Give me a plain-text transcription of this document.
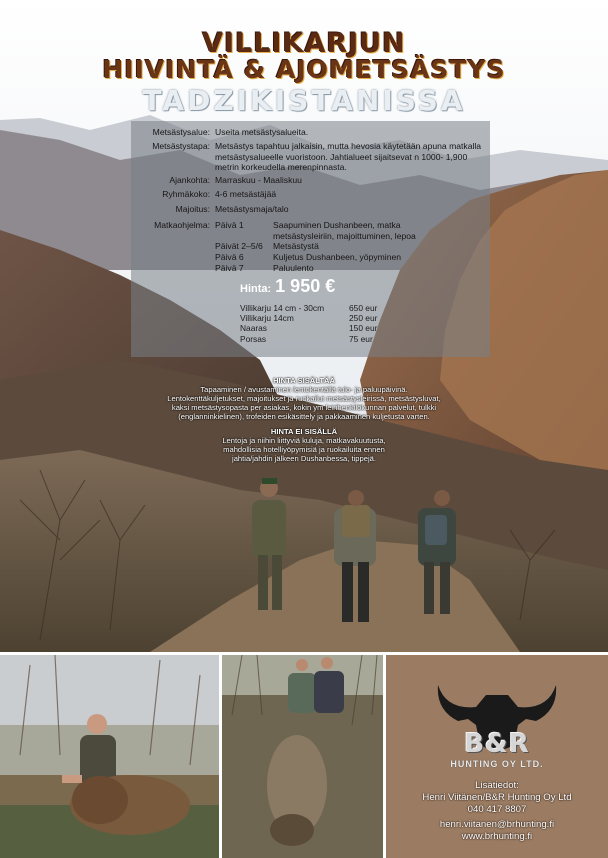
VILLIKARJUN
HIIVINTÄ & AJOMETSÄSTYS
TADZIKISTANISSA
Metsästysalue: Useita metsästysalueita.
Metsästystapa: Metsästys tapahtuu jalkaisin, mutta hevosia käytetään apuna matkalla metsästysalueelle vuoristoon. Jahtialueet sijaitsevat n 1000- 1,900 metrin korkeudella merenpinnasta.
Ajankohta: Marraskuu - Maaliskuu
Ryhmäkoko: 4-6 metsästäjää
Majoitus: Metsästysmaja/talo
Matkaohjelma: Päivä 1	Saapuminen Dushanbeen, matka metsästysleiriin, majoittuminen, lepoa
Päivät 2–5/6	Metsästystä
Päivä 6	Kuljetus Dushanbeen, yöpyminen
Päivä 7	Paluulento
Hinta: 1 950 €
Villikarju 14 cm - 30cm	650 eur
Villikarju 14cm	250 eur
Naaras	150 eur
Porsas	75 eur
HINTA SISÄLTÄÄ
Tapaaminen / avustaminen lentokentällä tulo- ja paluupäivinä.
Lentokenttäkuljetukset, majoitukset ja ruokailut metsästysleirissä, metsästysluvat,
kaksi metsästysopasta per asiakas, kokin ym leirihenkilökunnan palvelut, tulkki
(englanninkielinen), trofeiden esikäsittely ja pakkaaminen kuljetusta varten.
HINTA EI SISÄLLÄ
Lentoja ja niihin liittyviä kuluja, matkavakuutusta,
mahdollisia hotelliyöpymisiä ja ruokailuita ennen
jahtia/jahdin jälkeen Dushanbessa, tippejä.
B&R
HUNTING OY LTD.
Lisätiedot:
Henri Viitänen/B&R Hunting Oy Ltd
040 417 8807
henri.viitanen@brhunting.fi
www.brhunting.fi
